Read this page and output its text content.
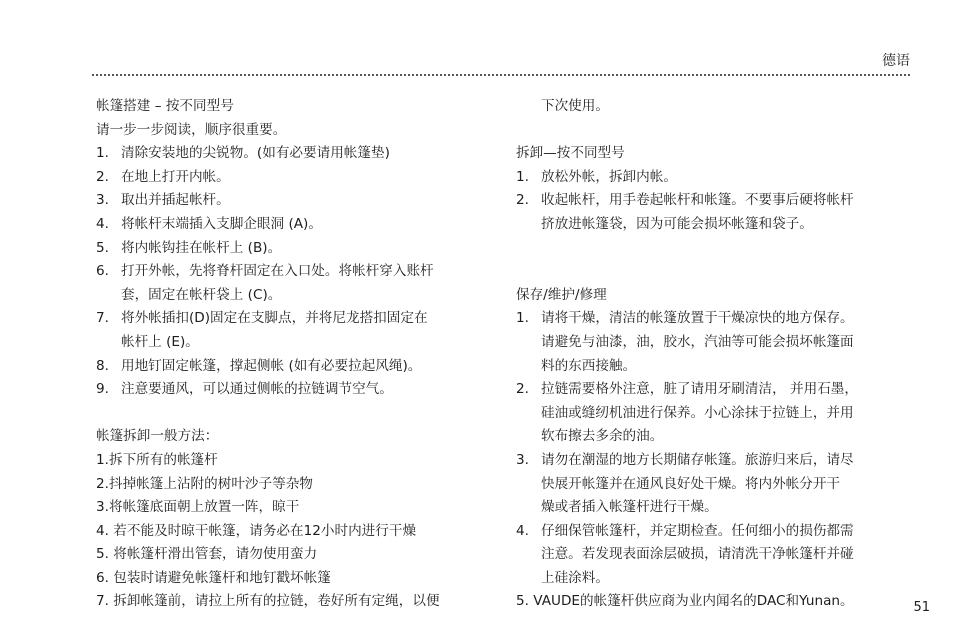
德语
帐篷搭建 – 按不同型号
请一步一步阅读，顺序很重要。
1. 清除安装地的尖锐物。(如有必要请用帐篷垫)
2. 在地上打开内帐。
3. 取出并插起帐杆。
4. 将帐杆末端插入支脚企眼洞 (A)。
5. 将内帐钩挂在帐杆上 (B)。
6. 打开外帐，先将脊杆固定在入口处。将帐杆穿入账杆
套，固定在帐杆袋上 (C)。
7. 将外帐插扣(D)固定在支脚点，并将尼龙搭扣固定在
帐杆上 (E)。
8. 用地钉固定帐篷，撑起侧帐 (如有必要拉起风绳)。
9. 注意要通风，可以通过侧帐的拉链调节空气。
帐篷拆卸一般方法：
1.拆下所有的帐篷杆
2.抖掉帐篷上沾附的树叶沙子等杂物
3.将帐篷底面朝上放置一阵，晾干
4. 若不能及时晾干帐篷，请务必在12小时内进行干燥
5. 将帐篷杆滑出管套，请勿使用蛮力
6. 包装时请避免帐篷杆和地钉戳坏帐篷
7. 拆卸帐篷前，请拉上所有的拉链，卷好所有定绳，以便
下次使用。
拆卸—按不同型号
1. 放松外帐，拆卸内帐。
2. 收起帐杆，用手卷起帐杆和帐篷。不要事后硬将帐杆
挤放进帐篷袋，因为可能会损坏帐篷和袋子。
保存/维护/修理
1. 请将干燥，清洁的帐篷放置于干燥凉快的地方保存。
请避免与油漆，油，胶水，汽油等可能会损坏帐篷面
料的东西接触。
2. 拉链需要格外注意，脏了请用牙刷清洁， 并用石墨，
硅油或缝纫机油进行保养。小心涂抹于拉链上，并用
软布擦去多余的油。
3. 请勿在潮湿的地方长期储存帐篷。旅游归来后，请尽
快展开帐篷并在通风良好处干燥。将内外帐分开干
燥或者插入帐篷杆进行干燥。
4. 仔细保管帐篷杆，并定期检查。任何细小的损伤都需
注意。若发现表面涂层破损，请清洗干净帐篷杆并碰
上硅涂料。
5. VAUDE的帐篷杆供应商为业内闻名的DAC和Yunan。	51
